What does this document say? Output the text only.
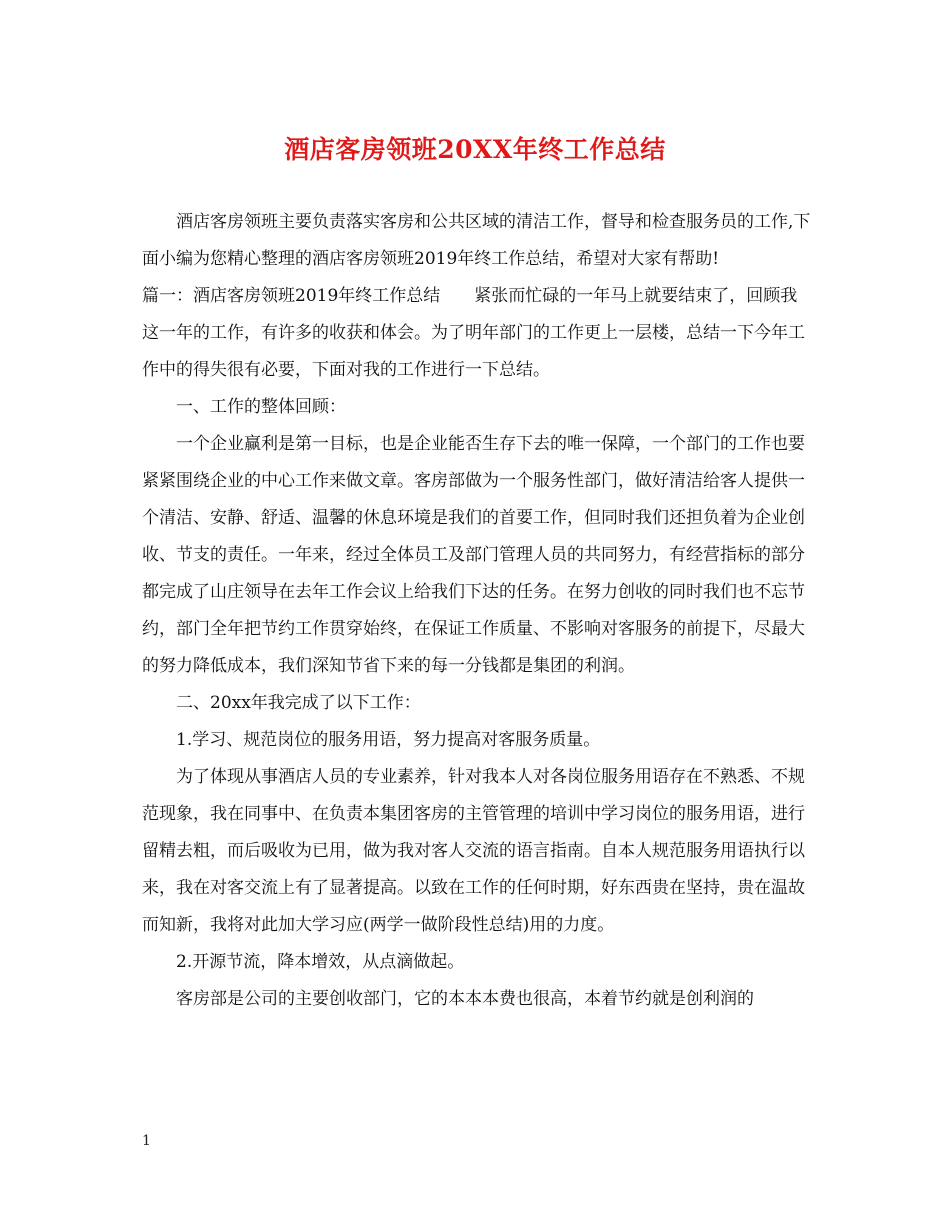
酒店客房领班20XX年终工作总结

酒店客房领班主要负责落实客房和公共区域的清洁工作，督导和检查服务员的工作,下面小编为您精心整理的酒店客房领班2019年终工作总结，希望对大家有帮助!

篇一：酒店客房领班2019年终工作总结　　紧张而忙碌的一年马上就要结束了，回顾我这一年的工作，有许多的收获和体会。为了明年部门的工作更上一层楼，总结一下今年工作中的得失很有必要，下面对我的工作进行一下总结。

一、工作的整体回顾：

一个企业赢利是第一目标，也是企业能否生存下去的唯一保障，一个部门的工作也要紧紧围绕企业的中心工作来做文章。客房部做为一个服务性部门，做好清洁给客人提供一个清洁、安静、舒适、温馨的休息环境是我们的首要工作，但同时我们还担负着为企业创收、节支的责任。一年来，经过全体员工及部门管理人员的共同努力，有经营指标的部分都完成了山庄领导在去年工作会议上给我们下达的任务。在努力创收的同时我们也不忘节约，部门全年把节约工作贯穿始终，在保证工作质量、不影响对客服务的前提下，尽最大的努力降低成本，我们深知节省下来的每一分钱都是集团的利润。

二、20xx年我完成了以下工作：

1.学习、规范岗位的服务用语，努力提高对客服务质量。

为了体现从事酒店人员的专业素养，针对我本人对各岗位服务用语存在不熟悉、不规范现象，我在同事中、在负责本集团客房的主管管理的培训中学习岗位的服务用语，进行留精去粗，而后吸收为已用，做为我对客人交流的语言指南。自本人规范服务用语执行以来，我在对客交流上有了显著提高。以致在工作的任何时期，好东西贵在坚持，贵在温故而知新，我将对此加大学习应(两学一做阶段性总结)用的力度。

2.开源节流，降本增效，从点滴做起。

客房部是公司的主要创收部门，它的本本本费也很高，本着节约就是创利润的

1
